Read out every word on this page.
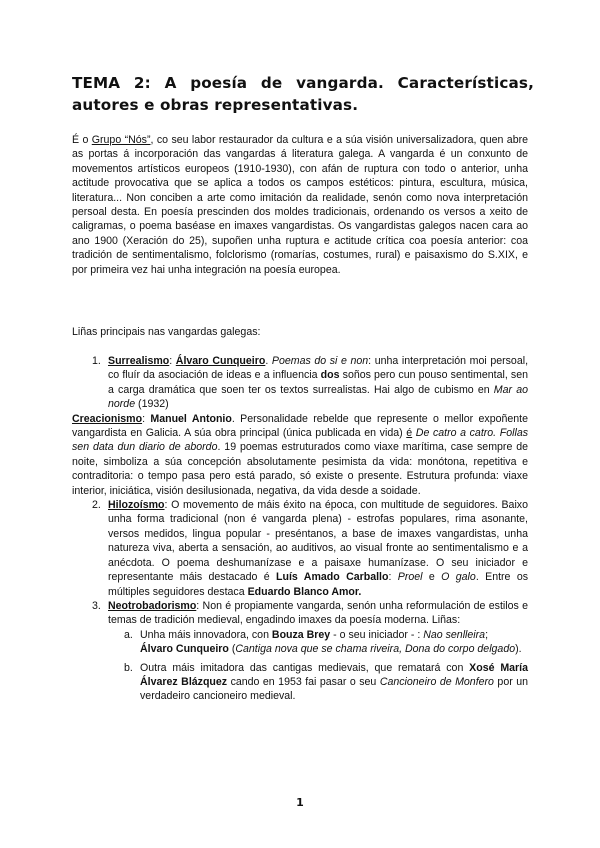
TEMA 2: A poesía de vangarda. Características, autores e obras representativas.

É o Grupo “Nós”, co seu labor restaurador da cultura e a súa visión universalizadora, quen abre as portas á incorporación das vangardas á literatura galega. A vangarda é un conxunto de movementos artísticos europeos (1910-1930), con afán de ruptura con todo o anterior, unha actitude provocativa que se aplica a todos os campos estéticos: pintura, escultura, música, literatura... Non conciben a arte como imitación da realidade, senón como nova interpretación persoal desta. En poesía prescinden dos moldes tradicionais, ordenando os versos a xeito de caligramas, o poema baséase en imaxes vangardistas. Os vangardistas galegos nacen cara ao ano 1900 (Xeración do 25), supoñen unha ruptura e actitude crítica coa poesía anterior: coa tradición de sentimentalismo, folclorismo (romarías, costumes, rural) e paisaxismo do S.XIX, e por primeira vez hai unha integración na poesía europea.

Liñas principais nas vangardas galegas:

1. Surrealismo: Álvaro Cunqueiro. Poemas do si e non: unha interpretación moi persoal, co fluír da asociación de ideas e a influencia dos soños pero cun pouso sentimental, sen a carga dramática que soen ter os textos surrealistas. Hai algo de cubismo en Mar ao norde (1932)
Creacionismo: Manuel Antonio. Personalidade rebelde que represente o mellor expoñente vangardista en Galicia. A súa obra principal (única publicada en vida) é De catro a catro. Follas sen data dun diario de abordo. 19 poemas estruturados como viaxe marítima, case sempre de noite, simboliza a súa concepción absolutamente pesimista da vida: monótona, repetitiva e contraditoria: o tempo pasa pero está parado, só existe o presente. Estrutura profunda: viaxe interior, iniciática, visión desilusionada, negativa, da vida desde a soidade.
2. Hilozoísmo: O movemento de máis éxito na época, con multitude de seguidores. Baixo unha forma tradicional (non é vangarda plena) - estrofas populares, rima asonante, versos medidos, lingua popular - preséntanos, a base de imaxes vangardistas, unha natureza viva, aberta a sensación, ao auditivos, ao visual fronte ao sentimentalismo e a anécdota. O poema deshumanízase e a paisaxe humanízase. O seu iniciador e representante máis destacado é Luís Amado Carballo: Proel e O galo. Entre os múltiples seguidores destaca Eduardo Blanco Amor.
3. Neotrobadorismo: Non é propiamente vangarda, senón unha reformulación de estilos e temas de tradición medieval, engadindo imaxes da poesía moderna. Liñas:
a. Unha máis innovadora, con Bouza Brey - o seu iniciador - : Nao senlleira;
Álvaro Cunqueiro (Cantiga nova que se chama riveira, Dona do corpo delgado).
b. Outra máis imitadora das cantigas medievais, que rematará con Xosé María Álvarez Blázquez cando en 1953 fai pasar o seu Cancioneiro de Monfero por un verdadeiro cancioneiro medieval.
1
